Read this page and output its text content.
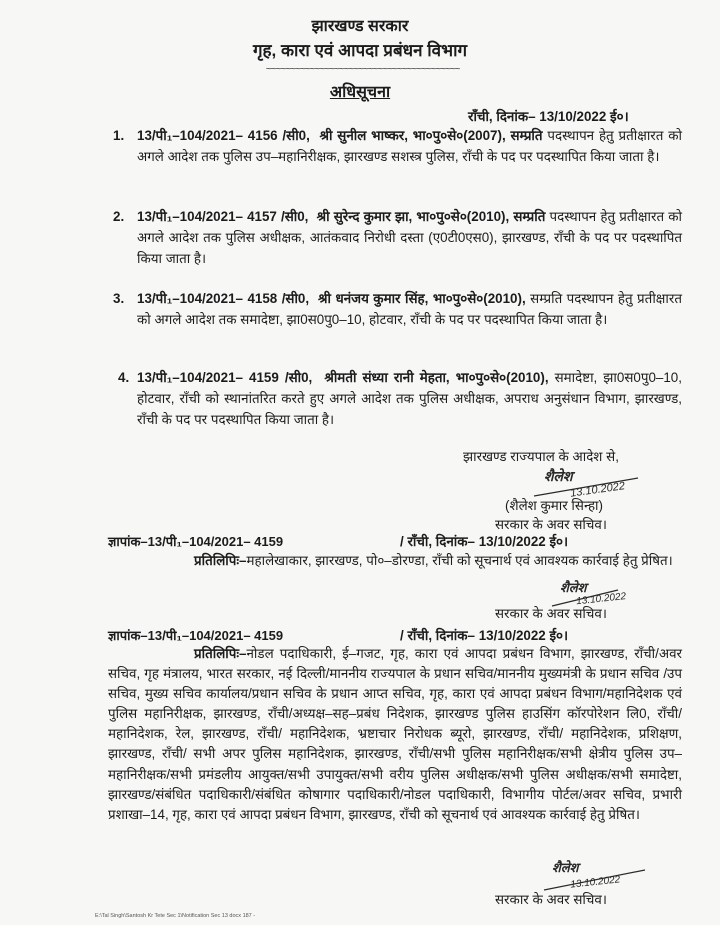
झारखण्ड सरकार
गृह, कारा एवं आपदा प्रबंधन विभाग
~~~~~~~~~~~~~~~~~~~~~~~~~~~~~~~~~~~~~~~~
अधिसूचना
राँची, दिनांक– 13/10/2022 ई०।
1. 13/पी₁–104/2021– 4156 /सी0, श्री सुनील भाष्कर, भा०पु०से०(2007), सम्प्रति पदस्थापन हेतु प्रतीक्षारत को अगले आदेश तक पुलिस उप–महानिरीक्षक, झारखण्ड सशस्त्र पुलिस, राँची के पद पर पदस्थापित किया जाता है।
2. 13/पी₁–104/2021– 4157 /सी0, श्री सुरेन्द कुमार झा, भा०पु०से०(2010), सम्प्रति पदस्थापन हेतु प्रतीक्षारत को अगले आदेश तक पुलिस अधीक्षक, आतंकवाद निरोधी दस्ता (ए0टी0एस0), झारखण्ड, राँची के पद पर पदस्थापित किया जाता है।
3. 13/पी₁–104/2021– 4158 /सी0, श्री धनंजय कुमार सिंह, भा०पु०से०(2010), सम्प्रति पदस्थापन हेतु प्रतीक्षारत को अगले आदेश तक समादेष्टा, झा0स0पु0–10, होटवार, राँची के पद पर पदस्थापित किया जाता है।
4. 13/पी₁–104/2021– 4159 /सी0, श्रीमती संध्या रानी मेहता, भा०पु०से०(2010), समादेष्टा, झा0स0पु0–10, होटवार, राँची को स्थानांतरित करते हुए अगले आदेश तक पुलिस अधीक्षक, अपराध अनुसंधान विभाग, झारखण्ड, राँची के पद पर पदस्थापित किया जाता है।
झारखण्ड राज्यपाल के आदेश से,
शैलेश
13.10.2022
(शैलेश कुमार सिन्हा)
सरकार के अवर सचिव।
ज्ञापांक–13/पी₁–104/2021– 4159	/ राँची, दिनांक– 13/10/2022 ई०।
प्रतिलिपिः–महालेखाकार, झारखण्ड, पो०–डोरण्डा, राँची को सूचनार्थ एवं आवश्यक कार्रवाई हेतु प्रेषित।
शैलेश
13.10.2022
सरकार के अवर सचिव।
ज्ञापांक–13/पी₁–104/2021– 4159	/ राँची, दिनांक– 13/10/2022 ई०।
प्रतिलिपिः–नोडल पदाधिकारी, ई–गजट, गृह, कारा एवं आपदा प्रबंधन विभाग, झारखण्ड, राँची/अवर सचिव, गृह मंत्रालय, भारत सरकार, नई दिल्ली/माननीय राज्यपाल के प्रधान सचिव/माननीय मुख्यमंत्री के प्रधान सचिव /उप सचिव, मुख्य सचिव कार्यालय/प्रधान सचिव के प्रधान आप्त सचिव, गृह, कारा एवं आपदा प्रबंधन विभाग/महानिदेशक एवं पुलिस महानिरीक्षक, झारखण्ड, राँची/अध्यक्ष–सह–प्रबंध निदेशक, झारखण्ड पुलिस हाउसिंग कॉरपोरेशन लि0, राँची/महानिदेशक, रेल, झारखण्ड, राँची/ महानिदेशक, भ्रष्टाचार निरोधक ब्यूरो, झारखण्ड, राँची/ महानिदेशक, प्रशिक्षण, झारखण्ड, राँची/ सभी अपर पुलिस महानिदेशक, झारखण्ड, राँची/सभी पुलिस महानिरीक्षक/सभी क्षेत्रीय पुलिस उप–महानिरीक्षक/सभी प्रमंडलीय आयुक्त/सभी उपायुक्त/सभी वरीय पुलिस अधीक्षक/सभी पुलिस अधीक्षक/सभी समादेष्टा, झारखण्ड/संबंधित पदाधिकारी/संबंधित कोषागार पदाधिकारी/नोडल पदाधिकारी, विभागीय पोर्टल/अवर सचिव, प्रभारी प्रशाखा–14, गृह, कारा एवं आपदा प्रबंधन विभाग, झारखण्ड, राँची को सूचनार्थ एवं आवश्यक कार्रवाई हेतु प्रेषित।
शैलेश
13.10.2022
सरकार के अवर सचिव।
E:\Tal Singh\Santosh Kr Tete Sec 1\Notification Sec 13 docx 187 -
